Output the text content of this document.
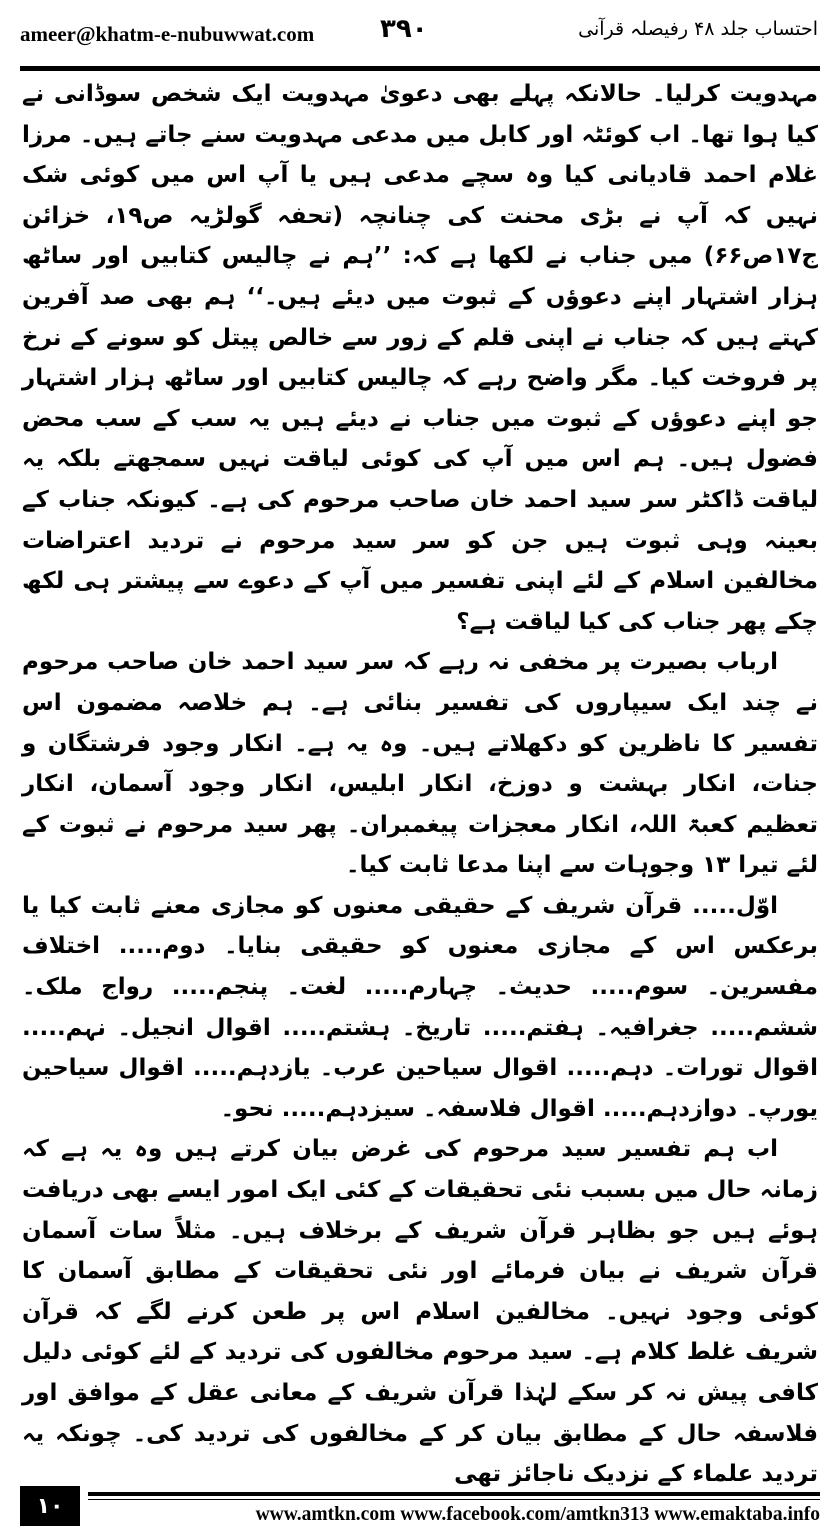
ameer@khatm-e-nubuwwat.com	۳۹۰	احتساب جلد ۴۸ رفیصلہ قرآنی

مہدویت کرلیا۔ حالانکہ پہلے بھی دعویٰ مہدویت ایک شخص سوڈانی نے کیا ہوا تھا۔ اب کوئٹہ اور کابل میں مدعی مہدویت سنے جاتے ہیں۔ مرزا غلام احمد قادیانی کیا وہ سچے مدعی ہیں یا آپ اس میں کوئی شک نہیں کہ آپ نے بڑی محنت کی چنانچہ (تحفہ گولڑیہ ص۱۹، خزائن ج۱۷ص۶۶) میں جناب نے لکھا ہے کہ: ’’ہم نے چالیس کتابیں اور ساٹھ ہزار اشتہار اپنے دعوؤں کے ثبوت میں دیئے ہیں۔‘‘ ہم بھی صد آفرین کہتے ہیں کہ جناب نے اپنی قلم کے زور سے خالص پیتل کو سونے کے نرخ پر فروخت کیا۔ مگر واضح رہے کہ چالیس کتابیں اور ساٹھ ہزار اشتہار جو اپنے دعوؤں کے ثبوت میں جناب نے دیئے ہیں یہ سب کے سب محض فضول ہیں۔ ہم اس میں آپ کی کوئی لیاقت نہیں سمجھتے بلکہ یہ لیاقت ڈاکٹر سر سید احمد خان صاحب مرحوم کی ہے۔ کیونکہ جناب کے بعینہ وہی ثبوت ہیں جن کو سر سید مرحوم نے تردید اعتراضات مخالفین اسلام کے لئے اپنی تفسیر میں آپ کے دعوے سے پیشتر ہی لکھ چکے پھر جناب کی کیا لیاقت ہے؟

ارباب بصیرت پر مخفی نہ رہے کہ سر سید احمد خان صاحب مرحوم نے چند ایک سیپاروں کی تفسیر بنائی ہے۔ ہم خلاصہ مضمون اس تفسیر کا ناظرین کو دکھلاتے ہیں۔ وہ یہ ہے۔ انکار وجود فرشتگان و جنات، انکار بہشت و دوزخ، انکار ابلیس، انکار وجود آسمان، انکار تعظیم کعبۃ اللہ، انکار معجزات پیغمبران۔ پھر سید مرحوم نے ثبوت کے لئے تیرا ۱۳ وجوہات سے اپنا مدعا ثابت کیا۔

اوّل..... قرآن شریف کے حقیقی معنوں کو مجازی معنے ثابت کیا یا برعکس اس کے مجازی معنوں کو حقیقی بنایا۔ دوم..... اختلاف مفسرین۔ سوم..... حدیث۔ چہارم..... لغت۔ پنجم..... رواج ملک۔ ششم..... جغرافیہ۔ ہفتم..... تاریخ۔ ہشتم..... اقوال انجیل۔ نہم..... اقوال تورات۔ دہم..... اقوال سیاحین عرب۔ یازدہم..... اقوال سیاحین یورپ۔ دوازدہم..... اقوال فلاسفہ۔ سیزدہم..... نحو۔

اب ہم تفسیر سید مرحوم کی غرض بیان کرتے ہیں وہ یہ ہے کہ زمانہ حال میں بسبب نئی تحقیقات کے کئی ایک امور ایسے بھی دریافت ہوئے ہیں جو بظاہر قرآن شریف کے برخلاف ہیں۔ مثلاً سات آسمان قرآن شریف نے بیان فرمائے اور نئی تحقیقات کے مطابق آسمان کا کوئی وجود نہیں۔ مخالفین اسلام اس پر طعن کرنے لگے کہ قرآن شریف غلط کلام ہے۔ سید مرحوم مخالفوں کی تردید کے لئے کوئی دلیل کافی پیش نہ کر سکے لہٰذا قرآن شریف کے معانی عقل کے موافق اور فلاسفہ حال کے مطابق بیان کر کے مخالفوں کی تردید کی۔ چونکہ یہ تردید علماء کے نزدیک ناجائز تھی

۱۰	www.amtkn.com www.facebook.com/amtkn313 www.emaktaba.info
